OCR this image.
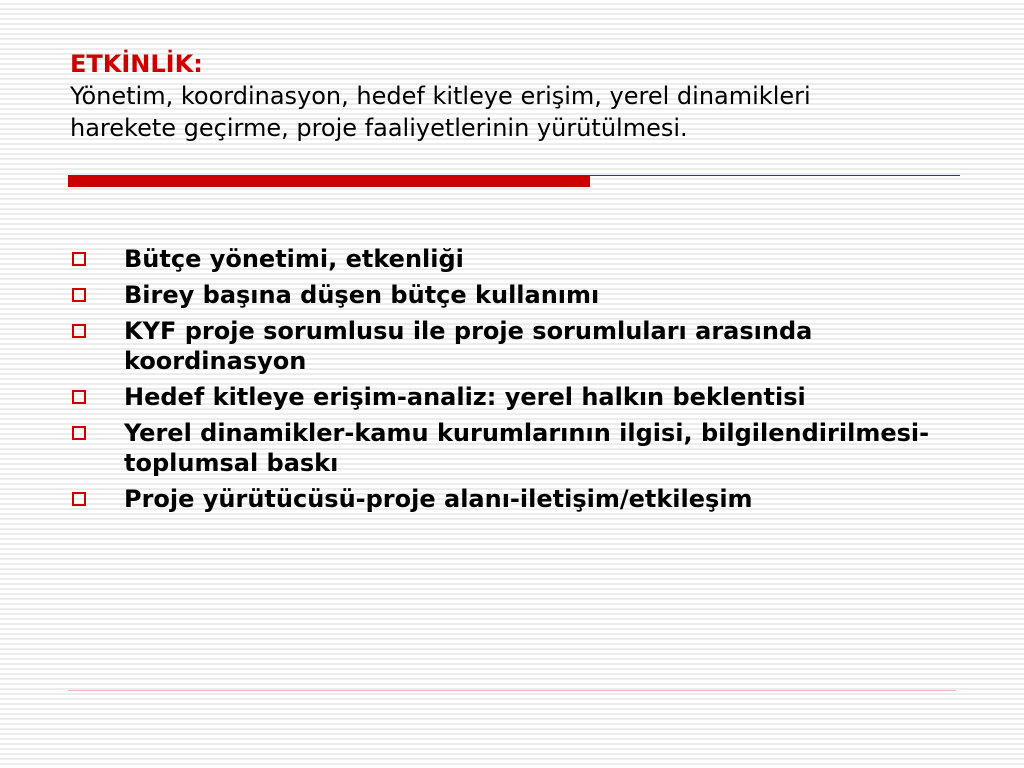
ETKİNLİK:
Yönetim, koordinasyon, hedef kitleye erişim, yerel dinamikleri harekete geçirme, proje faaliyetlerinin yürütülmesi.
Bütçe yönetimi, etkenliği
Birey başına düşen bütçe kullanımı
KYF proje sorumlusu ile proje sorumluları arasında koordinasyon
Hedef kitleye erişim-analiz: yerel halkın beklentisi
Yerel dinamikler-kamu kurumlarının ilgisi, bilgilendirilmesi-toplumsal baskı
Proje yürütücüsü-proje alanı-iletişim/etkileşim
